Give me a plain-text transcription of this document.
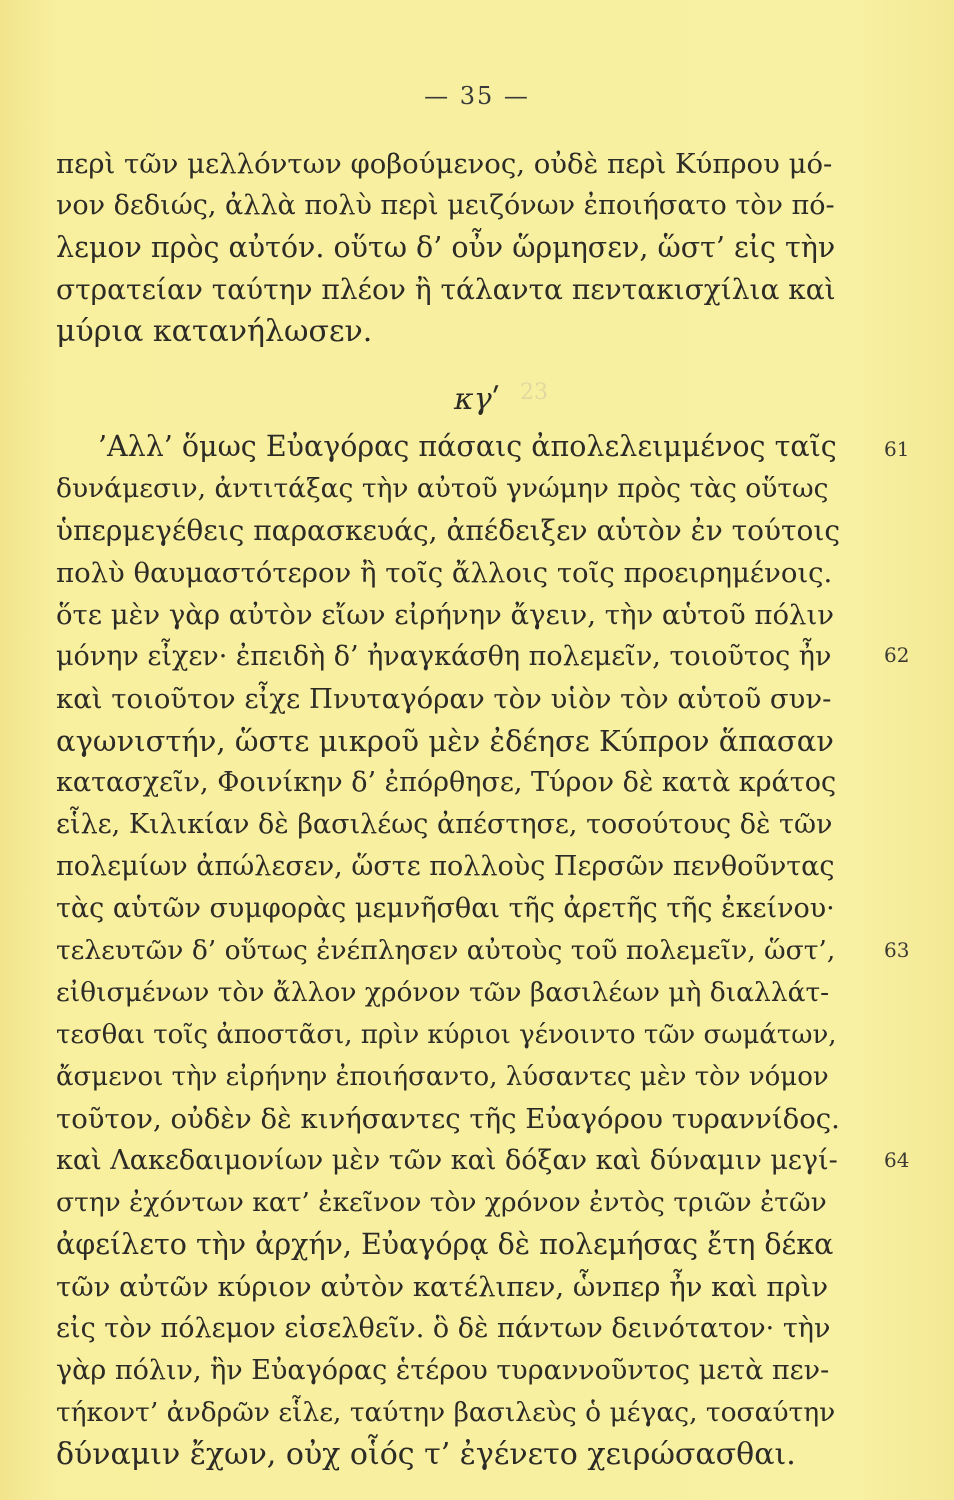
— 35 —
περὶ τῶν μελλόντων φοβούμενος, οὐδὲ περὶ Κύπρου μό-
νον δεδιώς, ἀλλὰ πολὺ περὶ μειζόνων ἐποιήσατο τὸν πό-
λεμον πρὸς αὐτόν. οὕτω δ’ οὖν ὥρμησεν, ὥστ’ εἰς τὴν
στρατείαν ταύτην πλέον ἢ τάλαντα πεντακισχίλια καὶ
μύρια κατανήλωσεν.
κγʹ 23
’Αλλ’ ὅμως Εὐαγόρας πάσαις ἀπολελειμμένος ταῖς 61
δυνάμεσιν, ἀντιτάξας τὴν αὐτοῦ γνώμην πρὸς τὰς οὕτως
ὑπερμεγέθεις παρασκευάς, ἀπέδειξεν αὑτὸν ἐν τούτοις
πολὺ θαυμαστότερον ἢ τοῖς ἄλλοις τοῖς προειρημένοις.
ὅτε μὲν γὰρ αὐτὸν εἴων εἰρήνην ἄγειν, τὴν αὑτοῦ πόλιν
μόνην εἶχεν· ἐπειδὴ δ’ ἠναγκάσθη πολεμεῖν, τοιοῦτος ἦν	62
καὶ τοιοῦτον εἶχε Πνυταγόραν τὸν υἱὸν τὸν αὑτοῦ συν-
αγωνιστήν, ὥστε μικροῦ μὲν ἐδέησε Κύπρον ἅπασαν
κατασχεῖν, Φοινίκην δ’ ἐπόρθησε, Τύρον δὲ κατὰ κράτος
εἷλε, Κιλικίαν δὲ βασιλέως ἀπέστησε, τοσούτους δὲ τῶν
πολεμίων ἀπώλεσεν, ὥστε πολλοὺς Περσῶν πενθοῦντας
τὰς αὑτῶν συμφορὰς μεμνῆσθαι τῆς ἀρετῆς τῆς ἐκείνου·
τελευτῶν δ’ οὕτως ἐνέπλησεν αὐτοὺς τοῦ πολεμεῖν, ὥστ’, 63
εἰθισμένων τὸν ἄλλον χρόνον τῶν βασιλέων μὴ διαλλάτ-
τεσθαι τοῖς ἀποστᾶσι, πρὶν κύριοι γένοιντο τῶν σωμάτων,
ἄσμενοι τὴν εἰρήνην ἐποιήσαντο, λύσαντες μὲν τὸν νόμον
τοῦτον, οὐδὲν δὲ κινήσαντες τῆς Εὐαγόρου τυραννίδος.
καὶ Λακεδαιμονίων μὲν τῶν καὶ δόξαν καὶ δύναμιν μεγί- 64
στην ἐχόντων κατ’ ἐκεῖνον τὸν χρόνον ἐντὸς τριῶν ἐτῶν
ἀφείλετο τὴν ἀρχήν, Εὐαγόρᾳ δὲ πολεμήσας ἔτη δέκα
τῶν αὐτῶν κύριον αὐτὸν κατέλιπεν, ὧνπερ ἦν καὶ πρὶν
εἰς τὸν πόλεμον εἰσελθεῖν. ὃ δὲ πάντων δεινότατον· τὴν
γὰρ πόλιν, ἣν Εὐαγόρας ἑτέρου τυραννοῦντος μετὰ πεν-
τήκοντ’ ἀνδρῶν εἷλε, ταύτην βασιλεὺς ὁ μέγας, τοσαύτην
δύναμιν ἔχων, οὐχ οἷός τ’ ἐγένετο χειρώσασθαι.
